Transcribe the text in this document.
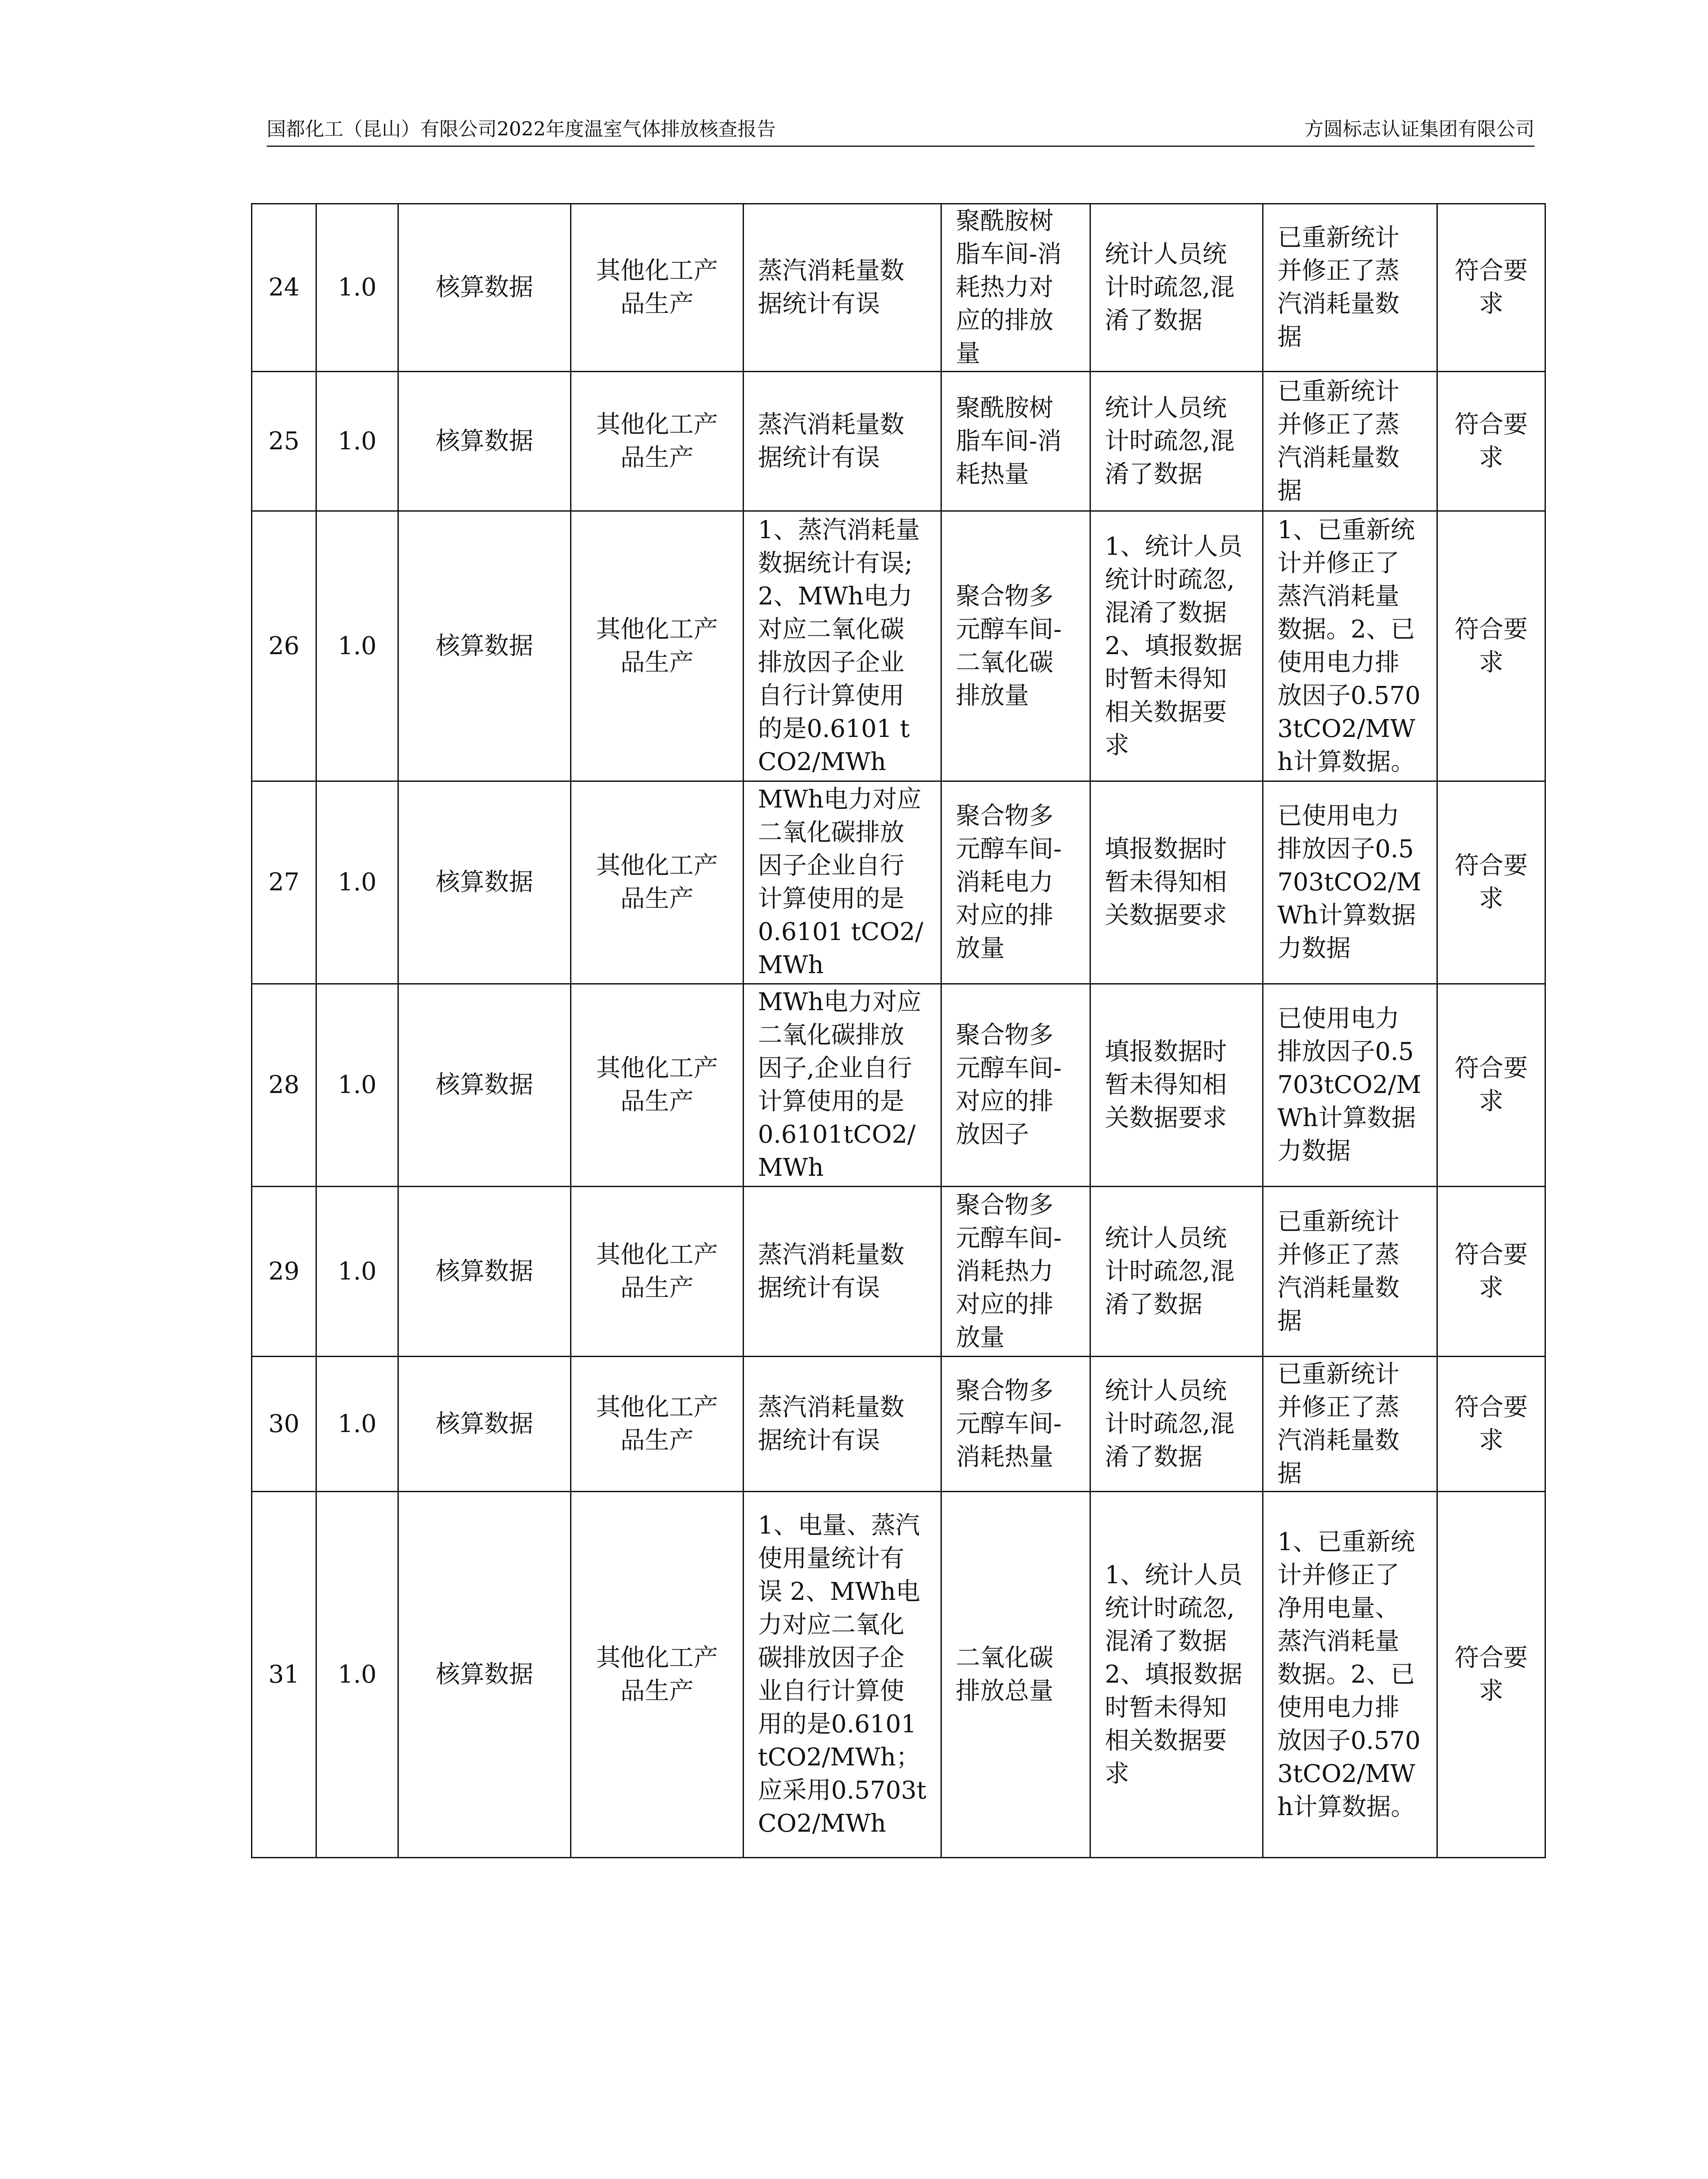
国都化工（昆山）有限公司2022年度温室气体排放核查报告	方圆标志认证集团有限公司
24	1.0	核算数据	其他化工产品生产	蒸汽消耗量数据统计有误	聚酰胺树脂车间-消耗热力对应的排放量	统计人员统计时疏忽,混淆了数据	已重新统计并修正了蒸汽消耗量数据	符合要求
25	1.0	核算数据	其他化工产品生产	蒸汽消耗量数据统计有误	聚酰胺树脂车间-消耗热量	统计人员统计时疏忽,混淆了数据	已重新统计并修正了蒸汽消耗量数据	符合要求
26	1.0	核算数据	其他化工产品生产	1、蒸汽消耗量数据统计有误; 2、MWh电力对应二氧化碳排放因子企业自行计算使用的是0.6101 tCO2/MWh	聚合物多元醇车间-二氧化碳排放量	1、统计人员统计时疏忽,混淆了数据 2、填报数据时暂未得知相关数据要求	1、已重新统计并修正了蒸汽消耗量数据。2、已使用电力排放因子0.5703tCO2/MWh计算数据。	符合要求
27	1.0	核算数据	其他化工产品生产	MWh电力对应二氧化碳排放因子企业自行计算使用的是0.6101 tCO2/MWh	聚合物多元醇车间-消耗电力对应的排放量	填报数据时暂未得知相关数据要求	已使用电力排放因子0.5703tCO2/MWh计算数据力数据	符合要求
28	1.0	核算数据	其他化工产品生产	MWh电力对应二氧化碳排放因子,企业自行计算使用的是0.6101tCO2/MWh	聚合物多元醇车间-对应的排放因子	填报数据时暂未得知相关数据要求	已使用电力排放因子0.5703tCO2/MWh计算数据力数据	符合要求
29	1.0	核算数据	其他化工产品生产	蒸汽消耗量数据统计有误	聚合物多元醇车间-消耗热力对应的排放量	统计人员统计时疏忽,混淆了数据	已重新统计并修正了蒸汽消耗量数据	符合要求
30	1.0	核算数据	其他化工产品生产	蒸汽消耗量数据统计有误	聚合物多元醇车间-消耗热量	统计人员统计时疏忽,混淆了数据	已重新统计并修正了蒸汽消耗量数据	符合要求
31	1.0	核算数据	其他化工产品生产	1、电量、蒸汽使用量统计有误 2、MWh电力对应二氧化碳排放因子企业自行计算使用的是0.6101 tCO2/MWh；应采用0.5703tCO2/MWh	二氧化碳排放总量	1、统计人员统计时疏忽,混淆了数据 2、填报数据时暂未得知相关数据要求	1、已重新统计并修正了净用电量、蒸汽消耗量数据。2、已使用电力排放因子0.5703tCO2/MWh计算数据。	符合要求
